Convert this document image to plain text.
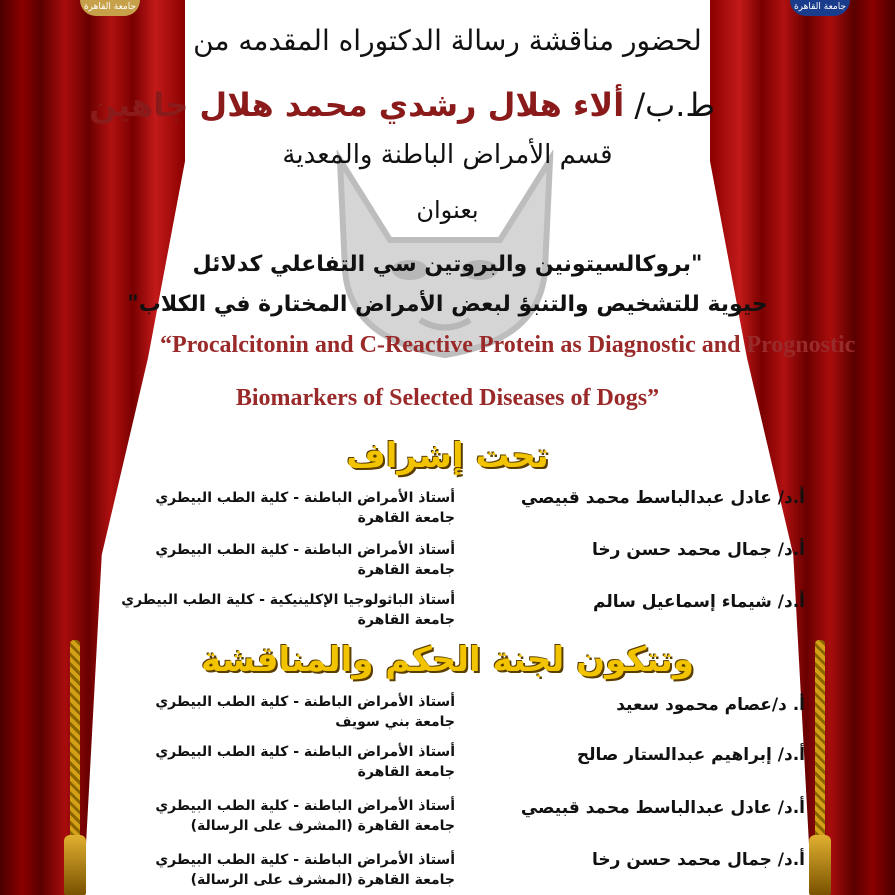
جامعة القاهرة	جامعة القاهرة
لحضور مناقشة رسالة الدكتوراه المقدمه من
ط.ب/ ألاء هلال رشدي محمد هلال جاهين
قسم الأمراض الباطنة والمعدية
بعنوان
"بروكالسيتونين والبروتين سي التفاعلي كدلائل
حيوية للتشخيص والتنبؤ لبعض الأمراض المختارة في الكلاب"
“Procalcitonin and C-Reactive Protein as Diagnostic and Prognostic
Biomarkers of Selected Diseases of Dogs”
تحت إشراف
أ.د/ عادل عبدالباسط محمد قبيصي
أستاذ الأمراض الباطنة - كلية الطب البيطري
جامعة القاهرة
أ.د/ جمال محمد حسن رخا
أستاذ الأمراض الباطنة - كلية الطب البيطري
جامعة القاهرة
أ.د/ شيماء إسماعيل سالم
أستاذ الباثولوجيا الإكلينيكية - كلية الطب البيطري
جامعة القاهرة
وتتكون لجنة الحكم والمناقشة
أ. د/عصام محمود سعيد
أستاذ الأمراض الباطنة - كلية الطب البيطري
جامعة بني سويف
أ.د/ إبراهيم عبدالستار صالح
أستاذ الأمراض الباطنة - كلية الطب البيطري
جامعة القاهرة
أ.د/ عادل عبدالباسط محمد قبيصي
أستاذ الأمراض الباطنة - كلية الطب البيطري
جامعة القاهرة (المشرف على الرسالة)
أ.د/ جمال محمد حسن رخا
أستاذ الأمراض الباطنة - كلية الطب البيطري
جامعة القاهرة (المشرف على الرسالة)
